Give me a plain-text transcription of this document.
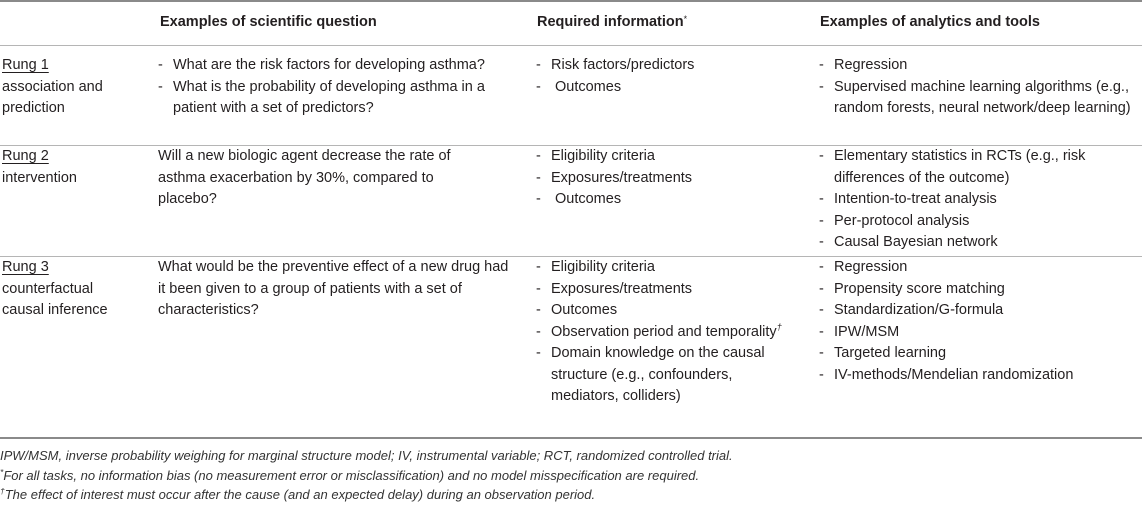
Examples of scientific question	Required information*	Examples of analytics and tools
Rung 1
association and
prediction
- What are the risk factors for developing asthma?
- What is the probability of developing asthma in a patient with a set of predictors?
- Risk factors/predictors
- Outcomes
- Regression
- Supervised machine learning algorithms (e.g., random forests, neural network/deep learning)
Rung 2
intervention
Will a new biologic agent decrease the rate of asthma exacerbation by 30%, compared to placebo?
- Eligibility criteria
- Exposures/treatments
- Outcomes
- Elementary statistics in RCTs (e.g., risk differences of the outcome)
- Intention-to-treat analysis
- Per-protocol analysis
- Causal Bayesian network
Rung 3
counterfactual
causal inference
What would be the preventive effect of a new drug had it been given to a group of patients with a set of characteristics?
- Eligibility criteria
- Exposures/treatments
- Outcomes
- Observation period and temporality†
- Domain knowledge on the causal structure (e.g., confounders, mediators, colliders)
- Regression
- Propensity score matching
- Standardization/G-formula
- IPW/MSM
- Targeted learning
- IV-methods/Mendelian randomization
IPW/MSM, inverse probability weighing for marginal structure model; IV, instrumental variable; RCT, randomized controlled trial.
*For all tasks, no information bias (no measurement error or misclassification) and no model misspecification are required.
†The effect of interest must occur after the cause (and an expected delay) during an observation period.
